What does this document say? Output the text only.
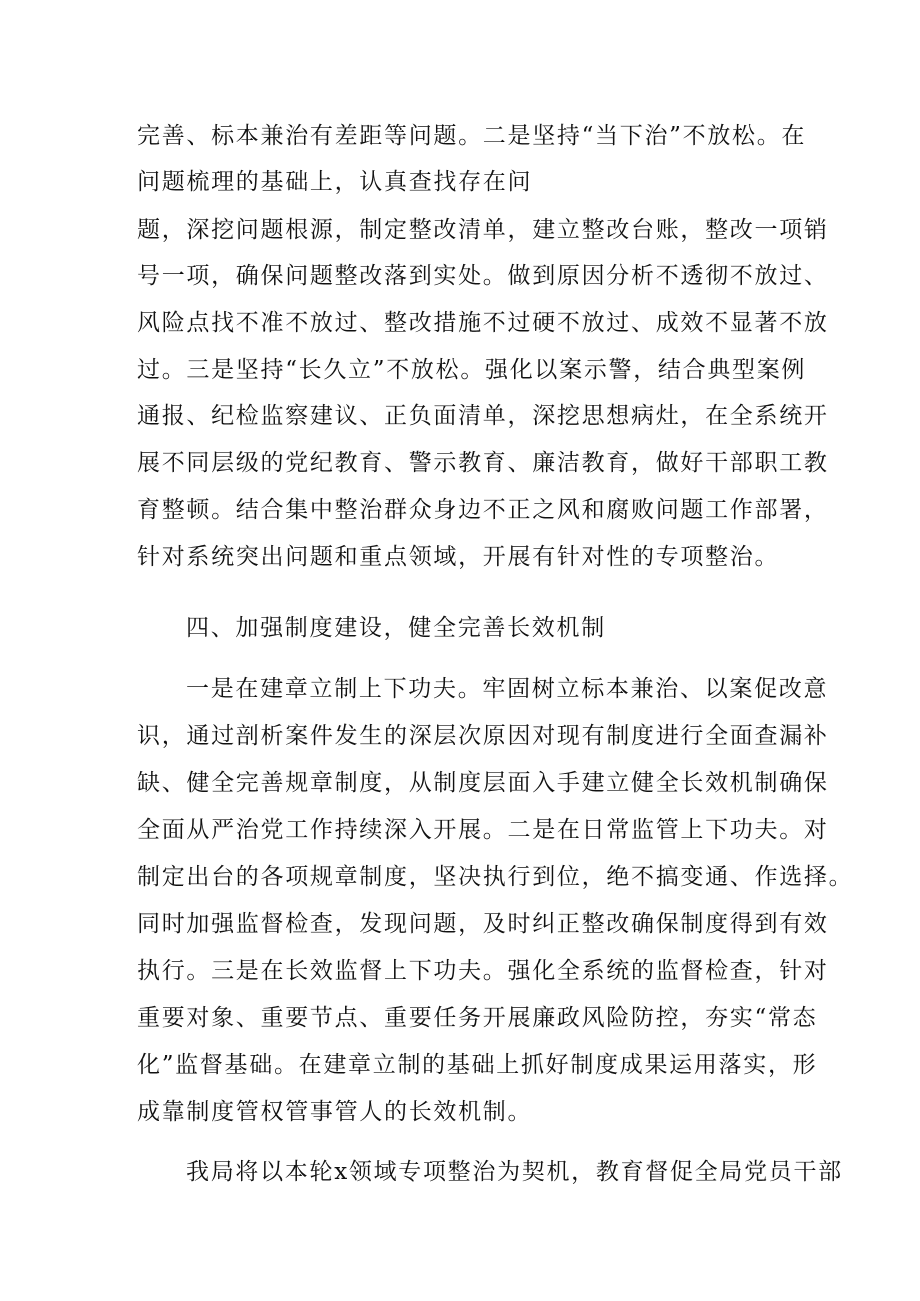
完善、标本兼治有差距等问题。二是坚持“当下治”不放松。在
问题梳理的基础上，认真查找存在问
题，深挖问题根源，制定整改清单，建立整改台账，整改一项销
号一项，确保问题整改落到实处。做到原因分析不透彻不放过、
风险点找不准不放过、整改措施不过硬不放过、成效不显著不放
过。三是坚持“长久立”不放松。强化以案示警，结合典型案例
通报、纪检监察建议、正负面清单，深挖思想病灶，在全系统开
展不同层级的党纪教育、警示教育、廉洁教育，做好干部职工教
育整顿。结合集中整治群众身边不正之风和腐败问题工作部署，
针对系统突出问题和重点领域，开展有针对性的专项整治。
四、加强制度建设，健全完善长效机制
一是在建章立制上下功夫。牢固树立标本兼治、以案促改意
识，通过剖析案件发生的深层次原因对现有制度进行全面查漏补
缺、健全完善规章制度，从制度层面入手建立健全长效机制确保
全面从严治党工作持续深入开展。二是在日常监管上下功夫。对
制定出台的各项规章制度，坚决执行到位，绝不搞变通、作选择。
同时加强监督检查，发现问题，及时纠正整改确保制度得到有效
执行。三是在长效监督上下功夫。强化全系统的监督检查，针对
重要对象、重要节点、重要任务开展廉政风险防控，夯实“常态
化”监督基础。在建章立制的基础上抓好制度成果运用落实，形
成靠制度管权管事管人的长效机制。
我局将以本轮x领域专项整治为契机，教育督促全局党员干部
